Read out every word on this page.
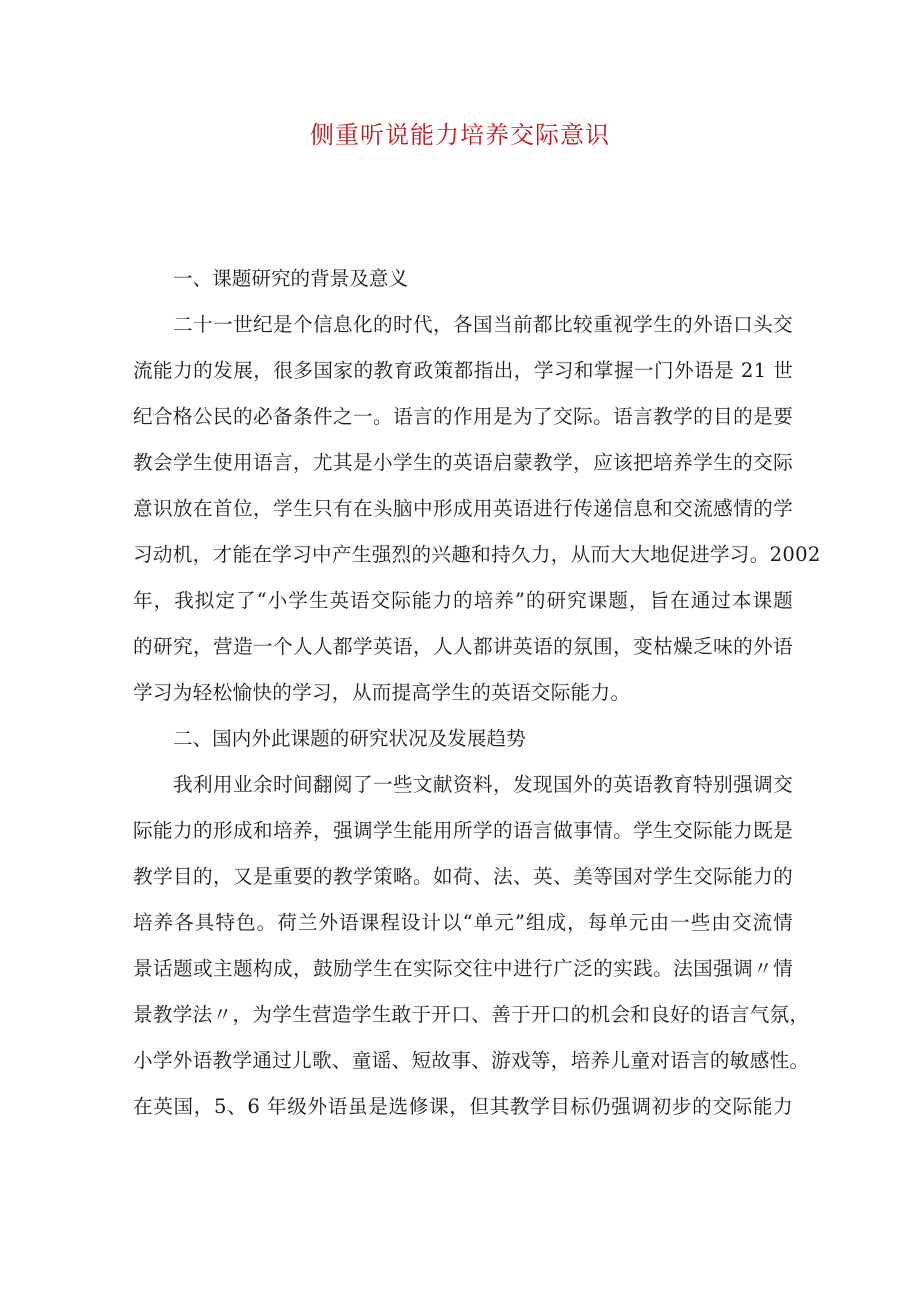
侧重听说能力培养交际意识

一、课题研究的背景及意义

二十一世纪是个信息化的时代，各国当前都比较重视学生的外语口头交

流能力的发展，很多国家的教育政策都指出，学习和掌握一门外语是 21 世

纪合格公民的必备条件之一。语言的作用是为了交际。语言教学的目的是要

教会学生使用语言，尤其是小学生的英语启蒙教学，应该把培养学生的交际

意识放在首位，学生只有在头脑中形成用英语进行传递信息和交流感情的学

习动机，才能在学习中产生强烈的兴趣和持久力，从而大大地促进学习。2002

年，我拟定了“小学生英语交际能力的培养”的研究课题，旨在通过本课题

的研究，营造一个人人都学英语，人人都讲英语的氛围，变枯燥乏味的外语

学习为轻松愉快的学习，从而提高学生的英语交际能力。

二、国内外此课题的研究状况及发展趋势

我利用业余时间翻阅了一些文献资料，发现国外的英语教育特别强调交

际能力的形成和培养，强调学生能用所学的语言做事情。学生交际能力既是

教学目的，又是重要的教学策略。如荷、法、英、美等国对学生交际能力的

培养各具特色。荷兰外语课程设计以“单元”组成，每单元由一些由交流情

景话题或主题构成，鼓励学生在实际交往中进行广泛的实践。法国强调〃情

景教学法〃，为学生营造学生敢于开口、善于开口的机会和良好的语言气氛，

小学外语教学通过儿歌、童谣、短故事、游戏等，培养儿童对语言的敏感性。

在英国，5、6 年级外语虽是选修课，但其教学目标仍强调初步的交际能力
